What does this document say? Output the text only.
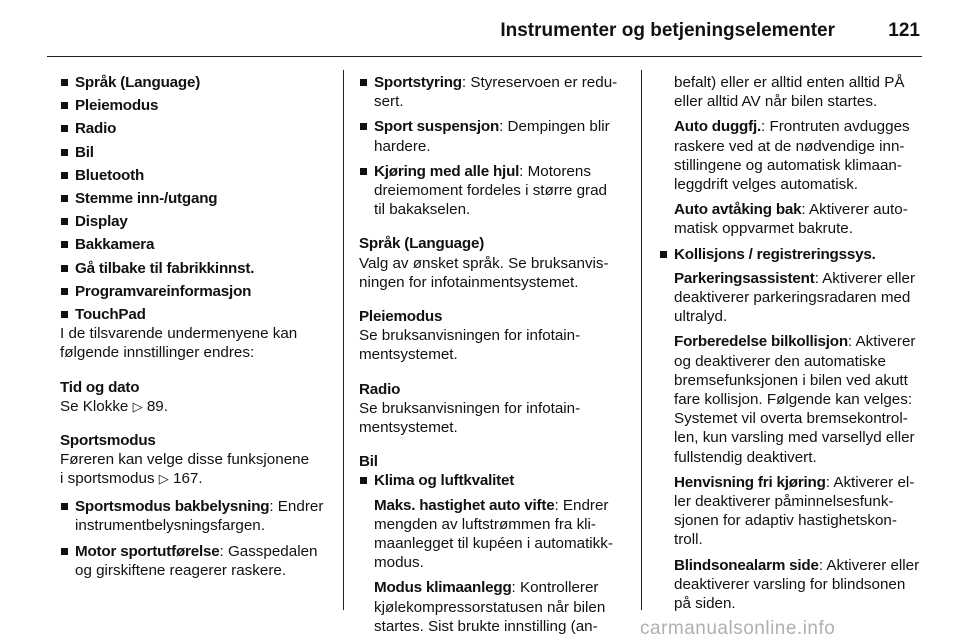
Instrumenter og betjeningselementer	121
Språk (Language)
Pleiemodus
Radio
Bil
Bluetooth
Stemme inn-/utgang
Display
Bakkamera
Gå tilbake til fabrikkinnst.
Programvareinformasjon
TouchPad
I de tilsvarende undermenyene kan
følgende innstillinger endres:
Tid og dato
Se Klokke ▷ 89.
Sportsmodus
Føreren kan velge disse funksjonene
i sportsmodus ▷ 167.
Sportsmodus bakbelysning: Endrer
instrumentbelysningsfargen.
Motor sportutførelse: Gasspedalen
og girskiftene reagerer raskere.
Sportstyring: Styreservoen er redu-
sert.
Sport suspensjon: Dempingen blir
hardere.
Kjøring med alle hjul: Motorens
dreiemoment fordeles i større grad
til bakakselen.
Språk (Language)
Valg av ønsket språk. Se bruksanvis-
ningen for infotainmentsystemet.
Pleiemodus
Se bruksanvisningen for infotain-
mentsystemet.
Radio
Se bruksanvisningen for infotain-
mentsystemet.
Bil
Klima og luftkvalitet
Maks. hastighet auto vifte: Endrer
mengden av luftstrømmen fra kli-
maanlegget til kupéen i automatikk-
modus.
Modus klimaanlegg: Kontrollerer
kjølekompressorstatusen når bilen
startes. Sist brukte innstilling (an-
befalt) eller er alltid enten alltid PÅ
eller alltid AV når bilen startes.
Auto duggfj.: Frontruten avdugges
raskere ved at de nødvendige inn-
stillingene og automatisk klimaan-
leggdrift velges automatisk.
Auto avtåking bak: Aktiverer auto-
matisk oppvarmet bakrute.
Kollisjons / registreringssys.
Parkeringsassistent: Aktiverer eller
deaktiverer parkeringsradaren med
ultralyd.
Forberedelse bilkollisjon: Aktiverer
og deaktiverer den automatiske
bremsefunksjonen i bilen ved akutt
fare kollisjon. Følgende kan velges:
Systemet vil overta bremsekontrol-
len, kun varsling med varsellyd eller
fullstendig deaktivert.
Henvisning fri kjøring: Aktiverer el-
ler deaktiverer påminnelsesfunk-
sjonen for adaptiv hastighetskon-
troll.
Blindsonealarm side: Aktiverer eller
deaktiverer varsling for blindsonen
på siden.
carmanualsonline.info
